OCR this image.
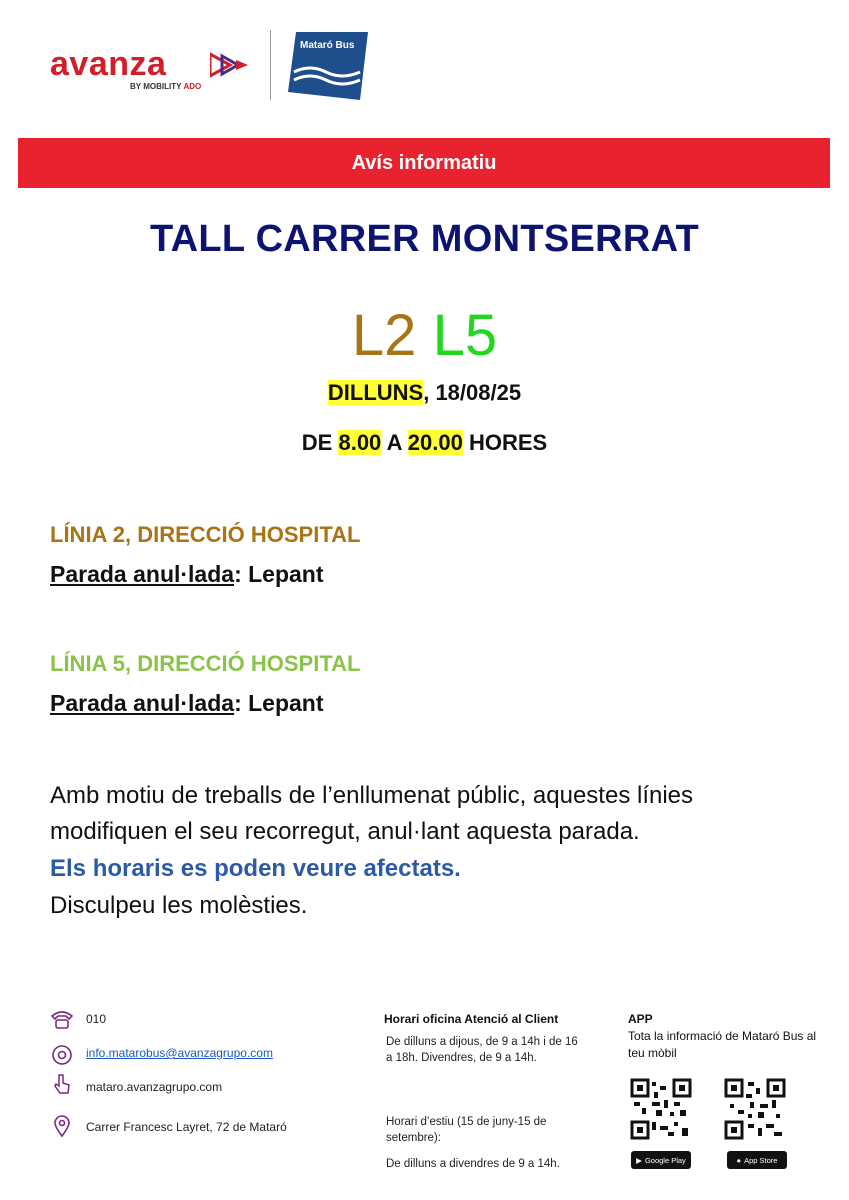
avanza
BY MOBILITY ADO
Mataró Bus
Avís informatiu
TALL CARRER MONTSERRAT
L2 L5
DILLUNS, 18/08/25
DE 8.00 A 20.00 HORES
LÍNIA 2, DIRECCIÓ HOSPITAL
Parada anul·lada: Lepant
LÍNIA 5, DIRECCIÓ HOSPITAL
Parada anul·lada: Lepant
Amb motiu de treballs de l’enllumenat públic, aquestes línies
modifiquen el seu recorregut, anul·lant aquesta parada.
Els horaris es poden veure afectats.
Disculpeu les molèsties.
010
info.matarobus@avanzagrupo.com
mataro.avanzagrupo.com
Carrer Francesc Layret, 72 de Mataró
Horari oficina Atenció al Client
De dilluns a dijous, de 9 a 14h i de 16 a 18h. Divendres, de 9 a 14h.
Horari d’estiu (15 de juny-15 de setembre):
De dilluns a divendres de 9 a 14h.
APP
Tota la informació de Mataró Bus al teu mòbil
▶ Google Play	● App Store
